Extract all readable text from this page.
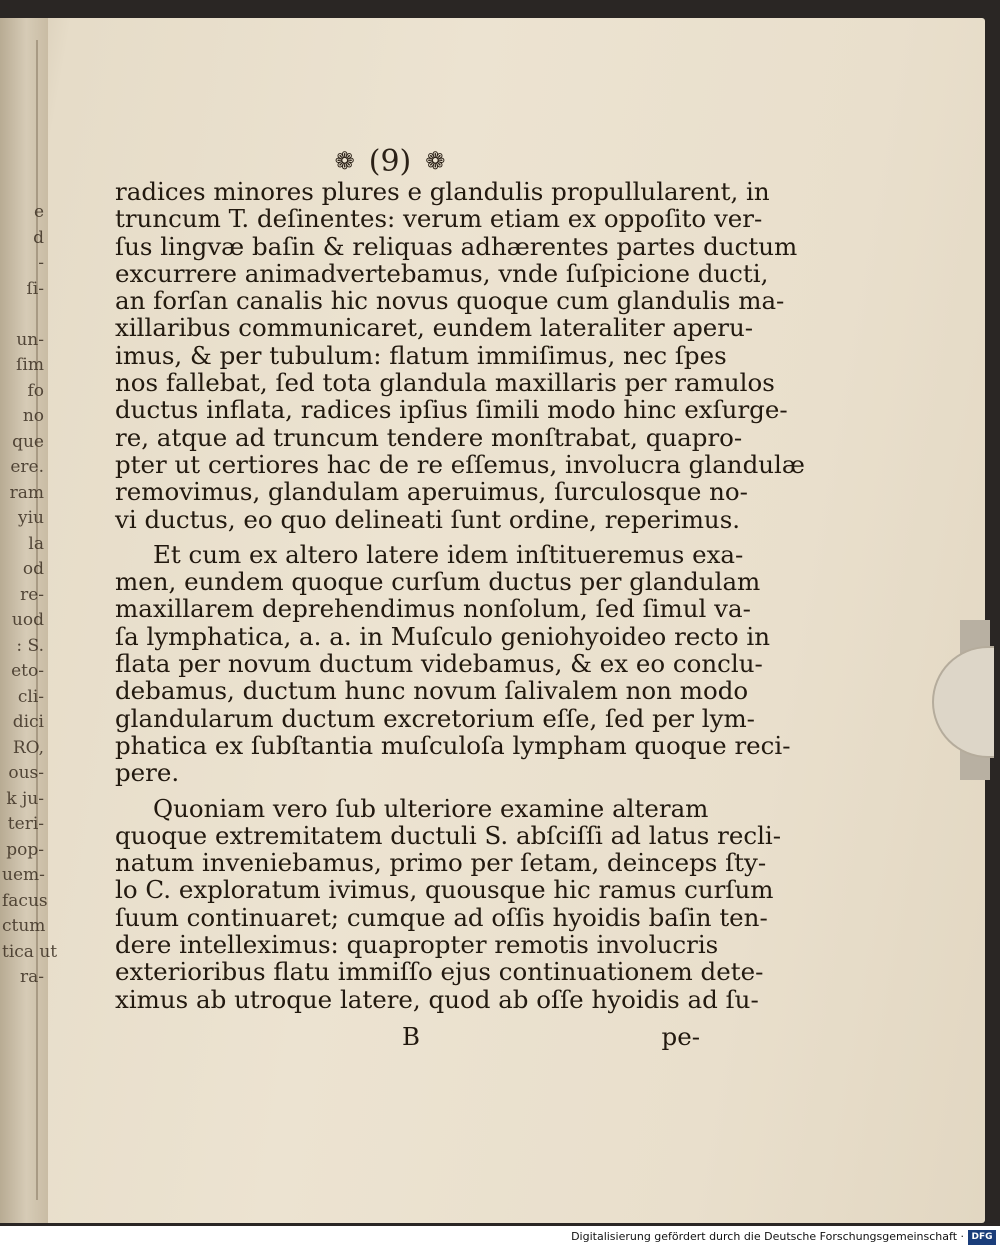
e
d
-
ſi-

un-
ſim
fo
no
que
ere.
ram
yiu
la
od
re-
uod
: S.
eto-
cli-
dici
RO,
ous-
k ju-
teri-
pop-
uem-
facus
ctum
tica ut
ra-
❁ (9) ❁
radices minores plures e glandulis propullularent, in
truncum T. deſinentes: verum etiam ex oppoſito ver-
ſus lingvæ baſin & reliquas adhærentes partes ductum
excurrere animadvertebamus, vnde ſuſpicione ducti,
an forſan canalis hic novus quoque cum glandulis ma-
xillaribus communicaret, eundem lateraliter aperu-
imus, & per tubulum: flatum immiſimus, nec ſpes
nos fallebat, ſed tota glandula maxillaris per ramulos
ductus inflata, radices ipſius ſimili modo hinc exſurge-
re, atque ad truncum tendere monſtrabat, quapro-
pter ut certiores hac de re eſſemus, involucra glandulæ
removimus, glandulam aperuimus, ſurculosque no-
vi ductus, eo quo delineati ſunt ordine, reperimus.
Et cum ex altero latere idem inſtitueremus exa-
men, eundem quoque curſum ductus per glandulam
maxillarem deprehendimus nonſolum, ſed ſimul va-
ſa lymphatica, a. a. in Muſculo geniohyoideo recto in
flata per novum ductum videbamus, & ex eo conclu-
debamus, ductum hunc novum ſalivalem non modo
glandularum ductum excretorium eſſe, ſed per lym-
phatica ex ſubſtantia muſculoſa lympham quoque reci-
pere.
Quoniam vero ſub ulteriore examine alteram
quoque extremitatem ductuli S. abſciſſi ad latus recli-
natum inveniebamus, primo per ſetam, deinceps ſty-
lo C. exploratum ivimus, quousque hic ramus curſum
ſuum continuaret; cumque ad oſſis hyoidis baſin ten-
dere intelleximus: quapropter remotis involucris
exterioribus flatu immiſſo ejus continuationem dete-
ximus ab utroque latere, quod ab oſſe hyoidis ad ſu-
B	pe-
Digitalisierung gefördert durch die Deutsche Forschungsgemeinschaft · DFG
